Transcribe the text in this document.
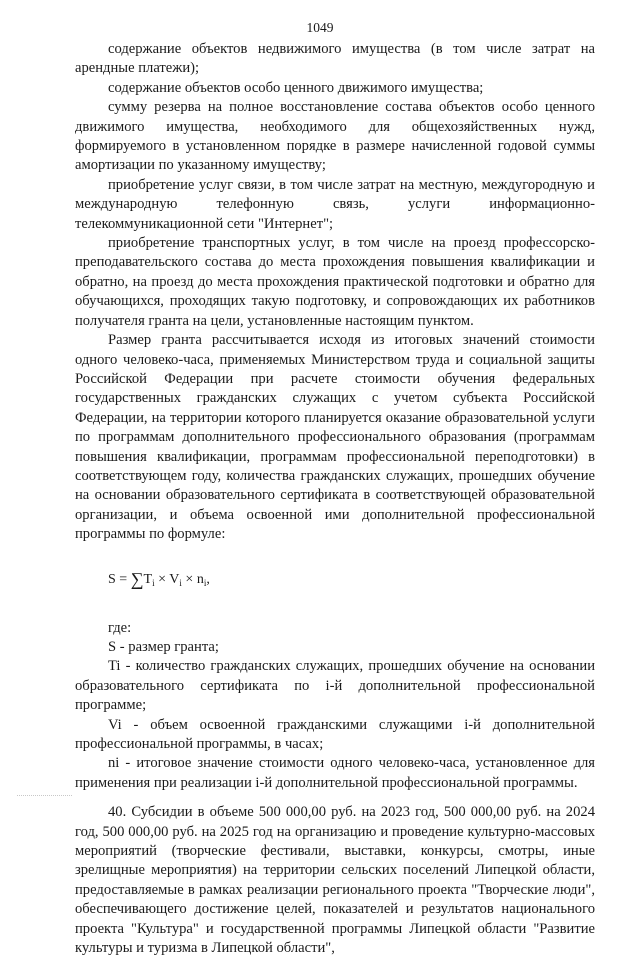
1049

содержание объектов недвижимого имущества (в том числе затрат на арендные платежи);

содержание объектов особо ценного движимого имущества;

сумму резерва на полное восстановление состава объектов особо ценного движимого имущества, необходимого для общехозяйственных нужд, формируемого в установленном порядке в размере начисленной годовой суммы амортизации по указанному имуществу;

приобретение услуг связи, в том числе затрат на местную, междугородную и международную телефонную связь, услуги информационно-телекоммуникационной сети "Интернет";

приобретение транспортных услуг, в том числе на проезд профессорско-преподавательского состава до места прохождения повышения квалификации и обратно, на проезд до места прохождения практической подготовки и обратно для обучающихся, проходящих такую подготовку, и сопровождающих их работников получателя гранта на цели, установленные настоящим пунктом.

Размер гранта рассчитывается исходя из итоговых значений стоимости одного человеко-часа, применяемых Министерством труда и социальной защиты Российской Федерации при расчете стоимости обучения федеральных государственных гражданских служащих с учетом субъекта Российской Федерации, на территории которого планируется оказание образовательной услуги по программам дополнительного профессионального образования (программам повышения квалификации, программам профессиональной переподготовки) в соответствующем году, количества гражданских служащих, прошедших обучение на основании образовательного сертификата в соответствующей образовательной организации, и объема освоенной ими дополнительной профессиональной программы по формуле:

$S = \sum T_i \times V_i \times n_i$,

где:

S - размер гранта;

Ti - количество гражданских служащих, прошедших обучение на основании образовательного сертификата по i-й дополнительной профессиональной программе;

Vi - объем освоенной гражданскими служащими i-й дополнительной профессиональной программы, в часах;

ni - итоговое значение стоимости одного человеко-часа, установленное для применения при реализации i-й дополнительной профессиональной программы.

40. Субсидии в объеме 500 000,00 руб. на 2023 год, 500 000,00 руб. на 2024 год, 500 000,00 руб. на 2025 год на организацию и проведение культурно-массовых мероприятий (творческие фестивали, выставки, конкурсы, смотры, иные зрелищные мероприятия) на территории сельских поселений Липецкой области, предоставляемые в рамках реализации регионального проекта "Творческие люди", обеспечивающего достижение целей, показателей и результатов национального проекта "Культура" и государственной программы Липецкой области "Развитие культуры и туризма в Липецкой области",
